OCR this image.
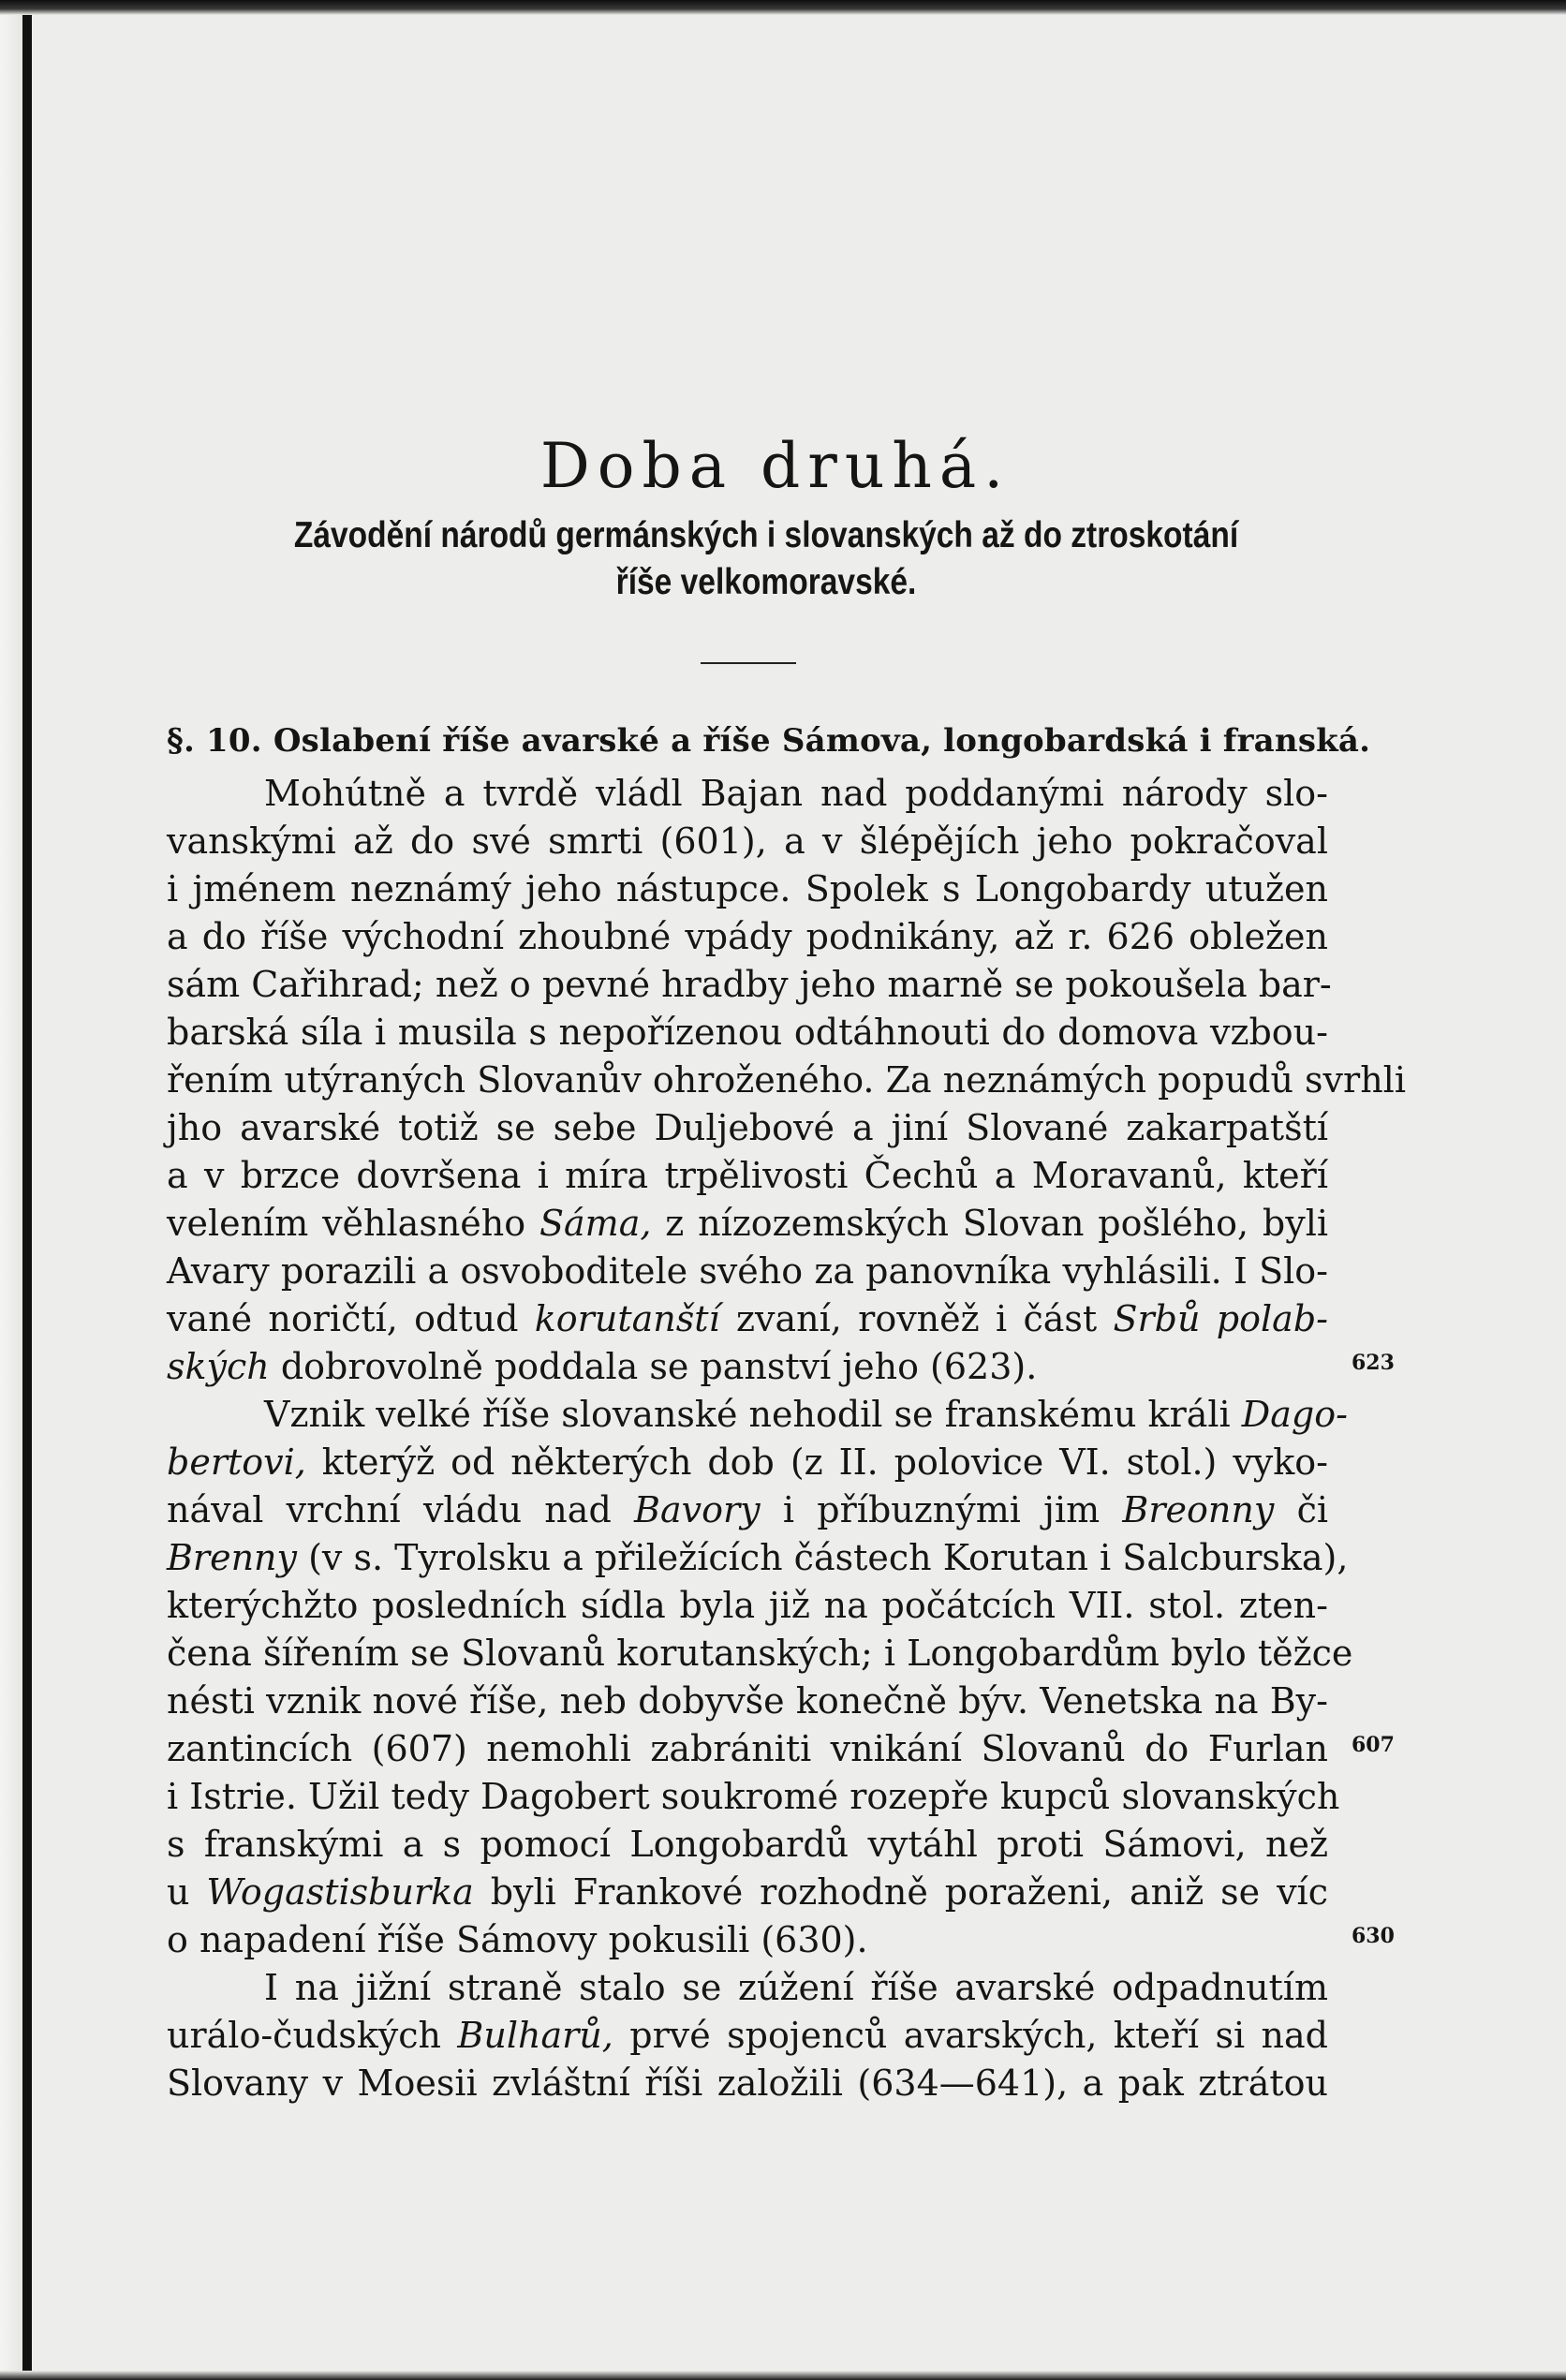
Doba druhá.
Závodění národů germánských i slovanských až do ztroskotání
říše velkomoravské.
§. 10. Oslabení říše avarské a říše Sámova, longobardská i franská.
Mohútně a tvrdě vládl Bajan nad poddanými národy slo-
vanskými až do své smrti (601), a v šlépějích jeho pokračoval
i jménem neznámý jeho nástupce. Spolek s Longobardy utužen
a do říše východní zhoubné vpády podnikány, až r. 626 obležen
sám Cařihrad; než o pevné hradby jeho marně se pokoušela bar-
barská síla i musila s nepořízenou odtáhnouti do domova vzbou-
řením utýraných Slovanův ohroženého. Za neznámých popudů svrhli
jho avarské totiž se sebe Duljebové a jiní Slované zakarpatští
a v brzce dovršena i míra trpělivosti Čechů a Moravanů, kteří
velením věhlasného Sáma, z nízozemských Slovan pošlého, byli
Avary porazili a osvoboditele svého za panovníka vyhlásili. I Slo-
vané noričtí, odtud korutanští zvaní, rovněž i část Srbů polab-
ských dobrovolně poddala se panství jeho (623).	623
Vznik velké říše slovanské nehodil se franskému králi Dago-
bertovi, kterýž od některých dob (z II. polovice VI. stol.) vyko-
nával vrchní vládu nad Bavory i příbuznými jim Breonny či
Brenny (v s. Tyrolsku a přiležících částech Korutan i Salcburska),
kterýchžto posledních sídla byla již na počátcích VII. stol. zten-
čena šířením se Slovanů korutanských; i Longobardům bylo těžce
nésti vznik nové říše, neb dobyvše konečně býv. Venetska na By-
zantincích (607) nemohli zabrániti vnikání Slovanů do Furlan 607
i Istrie. Užil tedy Dagobert soukromé rozepře kupců slovanských
s franskými a s pomocí Longobardů vytáhl proti Sámovi, než
u Wogastisburka byli Frankové rozhodně poraženi, aniž se víc
o napadení říše Sámovy pokusili (630).	630
I na jižní straně stalo se zúžení říše avarské odpadnutím
urálo-čudských Bulharů, prvé spojenců avarských, kteří si nad
Slovany v Moesii zvláštní říši založili (634—641), a pak ztrátou
